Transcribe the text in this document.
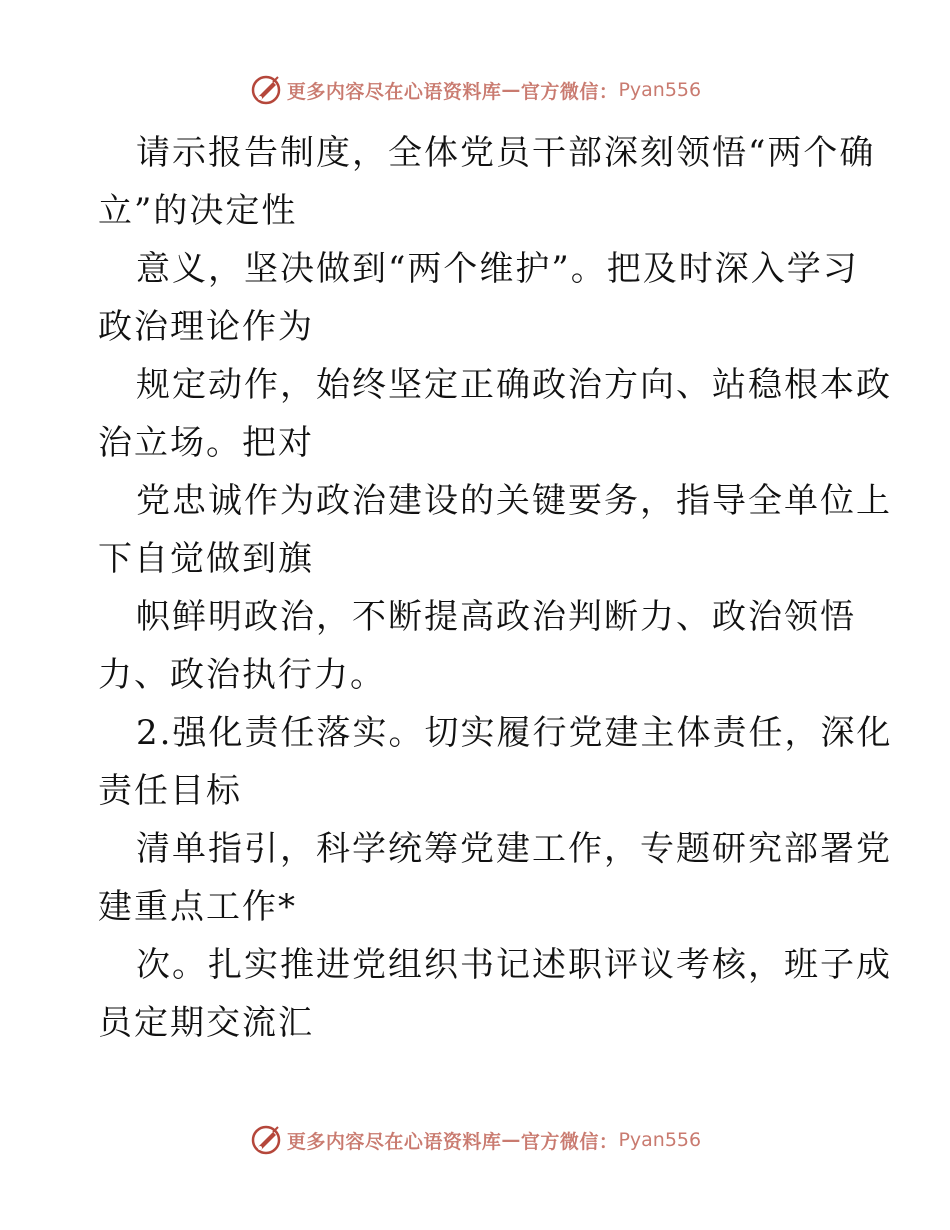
更多内容尽在心语资料库 — 官方微信： Pyan556
请示报告制度，全体党员干部深刻领悟“两个确
立”的决定性
意义，坚决做到“两个维护”。把及时深入学习
政治理论作为
规定动作，始终坚定正确政治方向、站稳根本政
治立场。把对
党忠诚作为政治建设的关键要务，指导全单位上
下自觉做到旗
帜鲜明政治，不断提高政治判断力、政治领悟
力、政治执行力。
2.强化责任落实。切实履行党建主体责任，深化
责任目标
清单指引，科学统筹党建工作，专题研究部署党
建重点工作*
次。扎实推进党组织书记述职评议考核，班子成
员定期交流汇
更多内容尽在心语资料库 — 官方微信： Pyan556
